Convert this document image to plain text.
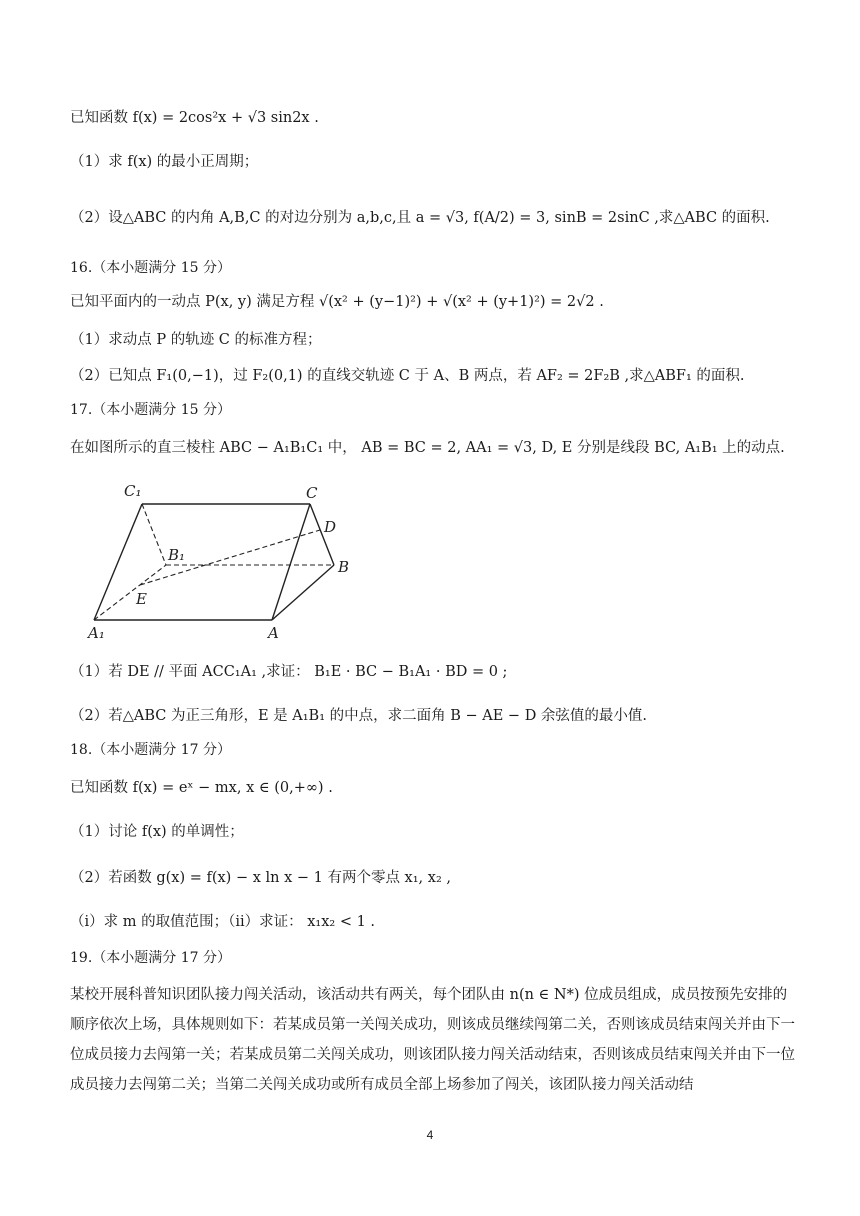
已知函数 f(x) = 2cos²x + √3 sin2x .
（1）求 f(x) 的最小正周期；
（2）设△ABC 的内角 A,B,C 的对边分别为 a,b,c,且 a = √3, f(A/2) = 3, sinB = 2sinC ,求△ABC 的面积.
16.（本小题满分 15 分）
已知平面内的一动点 P(x, y) 满足方程 √(x² + (y−1)²) + √(x² + (y+1)²) = 2√2 .
（1）求动点 P 的轨迹 C 的标准方程；
（2）已知点 F₁(0,−1)，过 F₂(0,1) 的直线交轨迹 C 于 A、B 两点，若 AF₂ = 2F₂B ,求△ABF₁ 的面积.
17.（本小题满分 15 分）
在如图所示的直三棱柱 ABC − A₁B₁C₁ 中， AB = BC = 2, AA₁ = √3, D, E 分别是线段 BC, A₁B₁ 上的动点.
C₁	C
D
B₁
B
E
A₁	A
（1）若 DE // 平面 ACC₁A₁ ,求证： B₁E · BC − B₁A₁ · BD = 0 ;
（2）若△ABC 为正三角形，E 是 A₁B₁ 的中点，求二面角 B − AE − D 余弦值的最小值.
18.（本小题满分 17 分）
已知函数 f(x) = eˣ − mx, x ∈ (0,+∞) .
（1）讨论 f(x) 的单调性；
（2）若函数 g(x) = f(x) − x ln x − 1 有两个零点 x₁, x₂ ,
（i）求 m 的取值范围；（ii）求证： x₁x₂ < 1 .
19.（本小题满分 17 分）
某校开展科普知识团队接力闯关活动，该活动共有两关，每个团队由 n(n ∈ N*) 位成员组成，成员按预先安排的顺序依次上场，具体规则如下：若某成员第一关闯关成功，则该成员继续闯第二关，否则该成员结束闯关并由下一位成员接力去闯第一关；若某成员第二关闯关成功，则该团队接力闯关活动结束，否则该成员结束闯关并由下一位成员接力去闯第二关；当第二关闯关成功或所有成员全部上场参加了闯关，该团队接力闯关活动结
4
